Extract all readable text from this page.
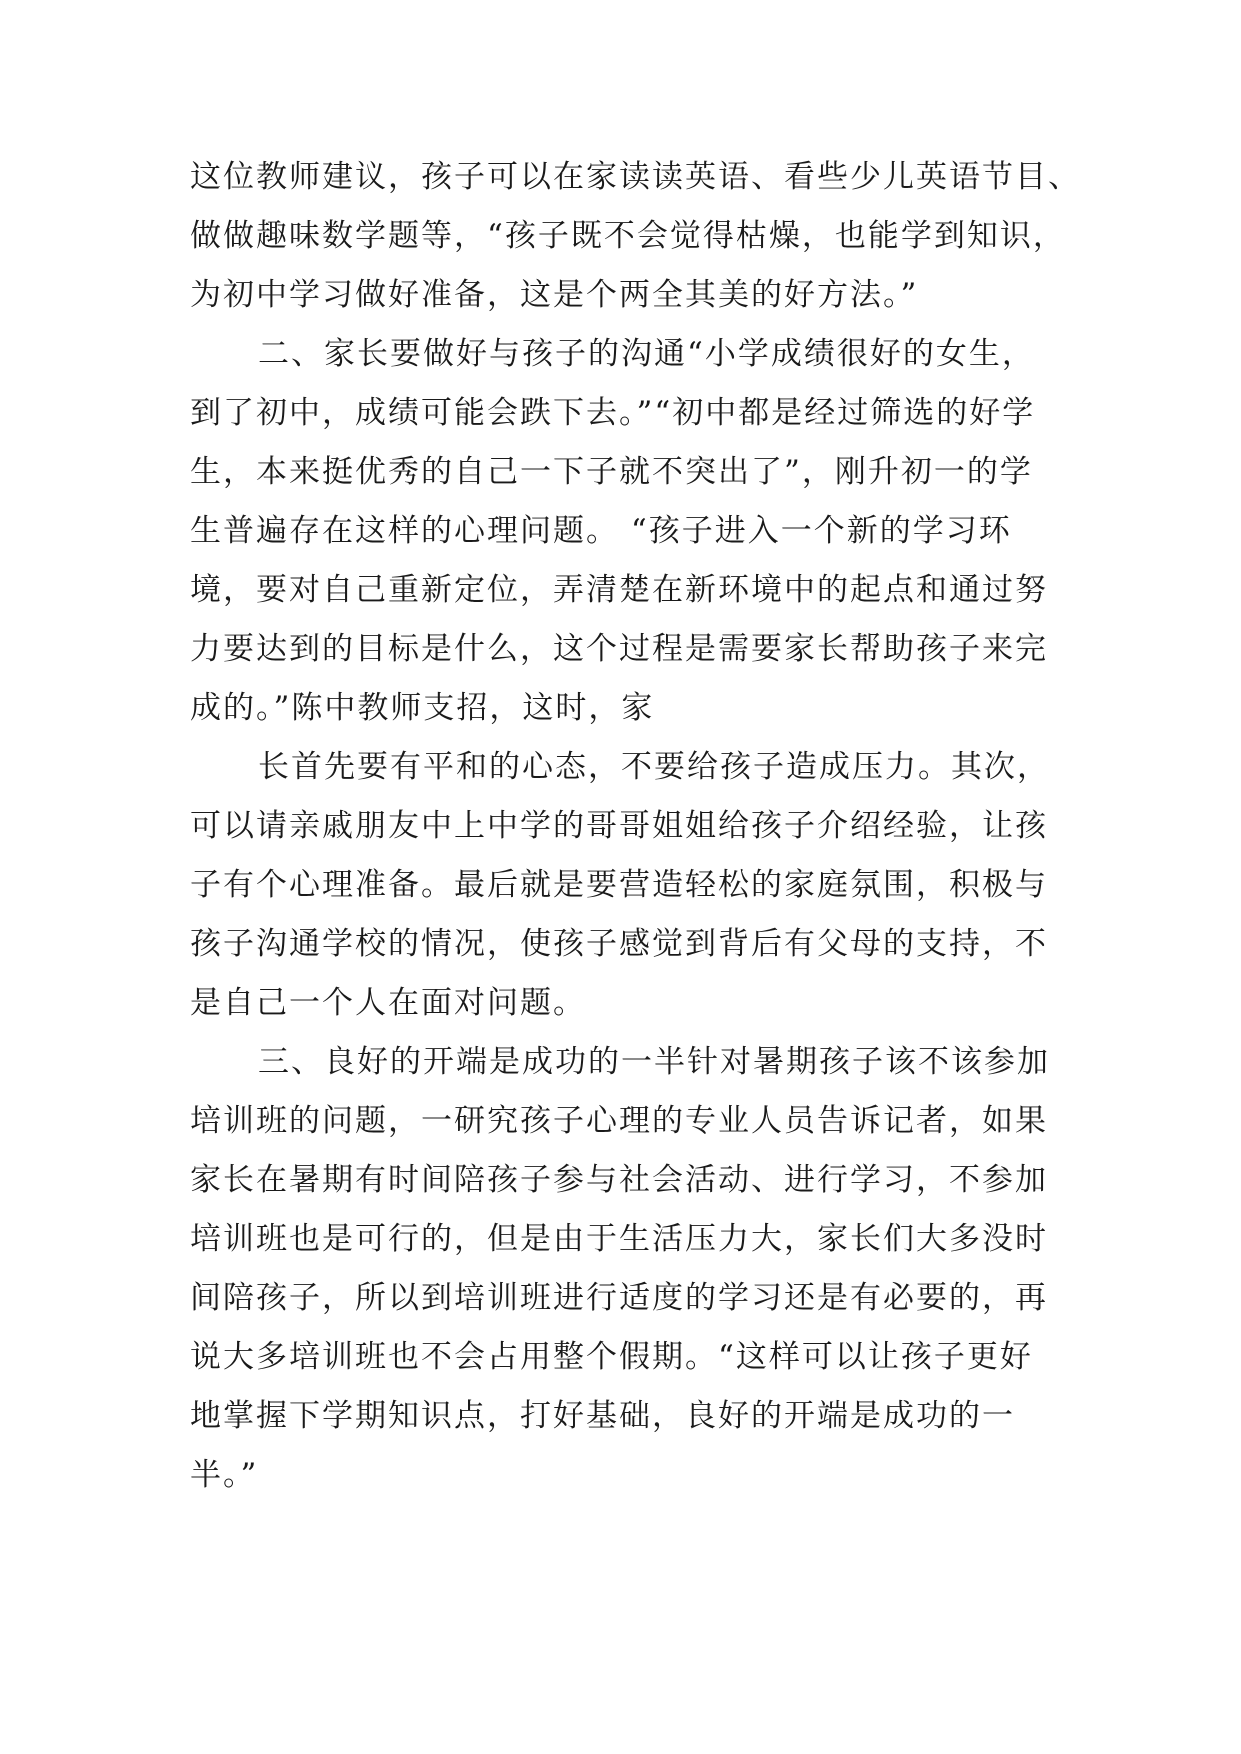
这位教师建议，孩子可以在家读读英语、看些少儿英语节目、
做做趣味数学题等，“孩子既不会觉得枯燥，也能学到知识，
为初中学习做好准备，这是个两全其美的好方法。”
二、家长要做好与孩子的沟通“小学成绩很好的女生，
到了初中，成绩可能会跌下去。”“初中都是经过筛选的好学
生，本来挺优秀的自己一下子就不突出了”，刚升初一的学
生普遍存在这样的心理问题。 “孩子进入一个新的学习环
境，要对自己重新定位，弄清楚在新环境中的起点和通过努
力要达到的目标是什么，这个过程是需要家长帮助孩子来完
成的。”陈中教师支招，这时，家
长首先要有平和的心态，不要给孩子造成压力。其次，
可以请亲戚朋友中上中学的哥哥姐姐给孩子介绍经验，让孩
子有个心理准备。最后就是要营造轻松的家庭氛围，积极与
孩子沟通学校的情况，使孩子感觉到背后有父母的支持，不
是自己一个人在面对问题。
三、良好的开端是成功的一半针对暑期孩子该不该参加
培训班的问题，一研究孩子心理的专业人员告诉记者，如果
家长在暑期有时间陪孩子参与社会活动、进行学习，不参加
培训班也是可行的，但是由于生活压力大，家长们大多没时
间陪孩子，所以到培训班进行适度的学习还是有必要的，再
说大多培训班也不会占用整个假期。“这样可以让孩子更好
地掌握下学期知识点，打好基础，良好的开端是成功的一
半。”
